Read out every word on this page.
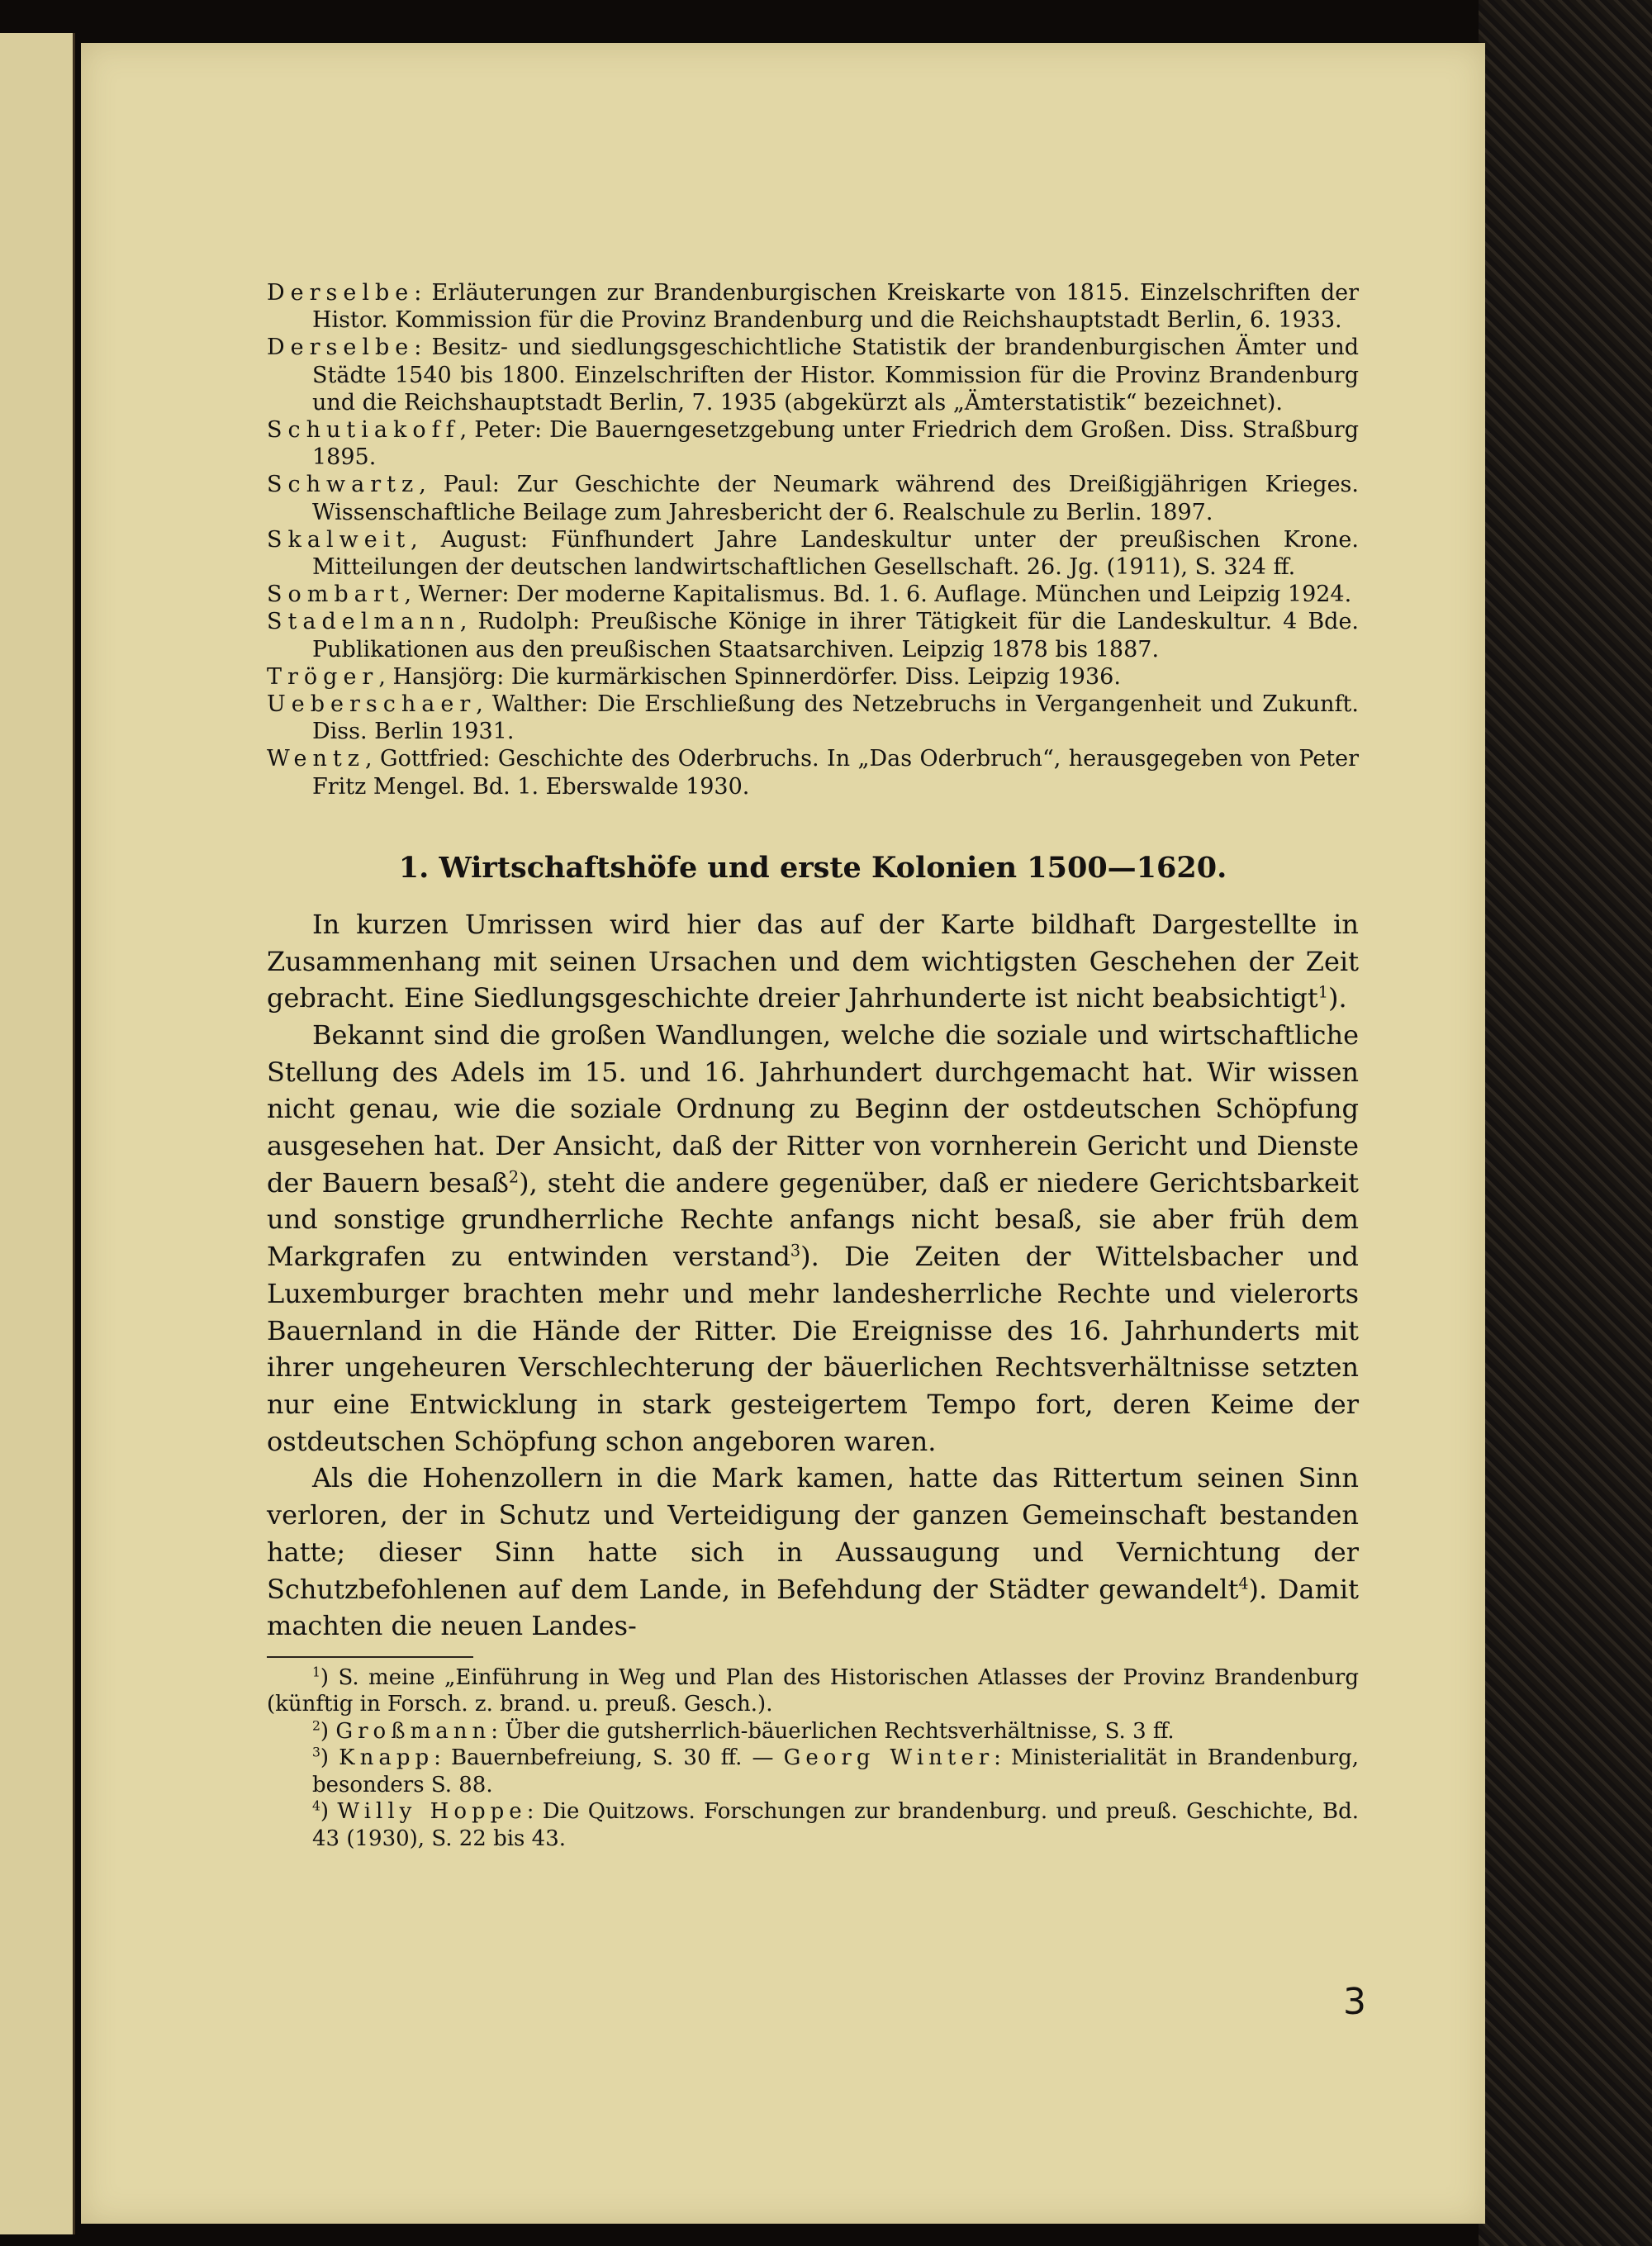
Derselbe: Erläuterungen zur Brandenburgischen Kreiskarte von 1815. Einzelschriften der Histor. Kommission für die Provinz Brandenburg und die Reichshauptstadt Berlin, 6. 1933.

Derselbe: Besitz- und siedlungsgeschichtliche Statistik der brandenburgischen Ämter und Städte 1540 bis 1800. Einzelschriften der Histor. Kommission für die Provinz Brandenburg und die Reichshauptstadt Berlin, 7. 1935 (abgekürzt als „Ämterstatistik“ bezeichnet).

Schutiakoff, Peter: Die Bauerngesetzgebung unter Friedrich dem Großen. Diss. Straßburg 1895.

Schwartz, Paul: Zur Geschichte der Neumark während des Dreißigjährigen Krieges. Wissenschaftliche Beilage zum Jahresbericht der 6. Realschule zu Berlin. 1897.

Skalweit, August: Fünfhundert Jahre Landeskultur unter der preußischen Krone. Mitteilungen der deutschen landwirtschaftlichen Gesellschaft. 26. Jg. (1911), S. 324 ff.

Sombart, Werner: Der moderne Kapitalismus. Bd. 1. 6. Auflage. München und Leipzig 1924.

Stadelmann, Rudolph: Preußische Könige in ihrer Tätigkeit für die Landeskultur. 4 Bde. Publikationen aus den preußischen Staatsarchiven. Leipzig 1878 bis 1887.

Tröger, Hansjörg: Die kurmärkischen Spinnerdörfer. Diss. Leipzig 1936.

Ueberschaer, Walther: Die Erschließung des Netzebruchs in Vergangenheit und Zukunft. Diss. Berlin 1931.

Wentz, Gottfried: Geschichte des Oderbruchs. In „Das Oderbruch“, herausgegeben von Peter Fritz Mengel. Bd. 1. Eberswalde 1930.

1. Wirtschaftshöfe und erste Kolonien 1500—1620.

In kurzen Umrissen wird hier das auf der Karte bildhaft Dargestellte in Zusammenhang mit seinen Ursachen und dem wichtigsten Geschehen der Zeit gebracht. Eine Siedlungsgeschichte dreier Jahrhunderte ist nicht beabsichtigt$^1$).

Bekannt sind die großen Wandlungen, welche die soziale und wirtschaftliche Stellung des Adels im 15. und 16. Jahrhundert durchgemacht hat. Wir wissen nicht genau, wie die soziale Ordnung zu Beginn der ostdeutschen Schöpfung ausgesehen hat. Der Ansicht, daß der Ritter von vornherein Gericht und Dienste der Bauern besaß$^2$), steht die andere gegenüber, daß er niedere Gerichtsbarkeit und sonstige grundherrliche Rechte anfangs nicht besaß, sie aber früh dem Markgrafen zu entwinden verstand$^3$). Die Zeiten der Wittelsbacher und Luxemburger brachten mehr und mehr landesherrliche Rechte und vielerorts Bauernland in die Hände der Ritter. Die Ereignisse des 16. Jahrhunderts mit ihrer ungeheuren Verschlechterung der bäuerlichen Rechtsverhältnisse setzten nur eine Entwicklung in stark gesteigertem Tempo fort, deren Keime der ostdeutschen Schöpfung schon angeboren waren.

Als die Hohenzollern in die Mark kamen, hatte das Rittertum seinen Sinn verloren, der in Schutz und Verteidigung der ganzen Gemeinschaft bestanden hatte; dieser Sinn hatte sich in Aussaugung und Vernichtung der Schutzbefohlenen auf dem Lande, in Befehdung der Städter gewandelt$^4$). Damit machten die neuen Landes-

$^1$) S. meine „Einführung in Weg und Plan des Historischen Atlasses der Provinz Brandenburg (künftig in Forsch. z. brand. u. preuß. Gesch.).

$^2$) Großmann: Über die gutsherrlich-bäuerlichen Rechtsverhältnisse, S. 3 ff.

$^3$) Knapp: Bauernbefreiung, S. 30 ff. — Georg Winter: Ministerialität in Brandenburg, besonders S. 88.

$^4$) Willy Hoppe: Die Quitzows. Forschungen zur brandenburg. und preuß. Geschichte, Bd. 43 (1930), S. 22 bis 43.

3
